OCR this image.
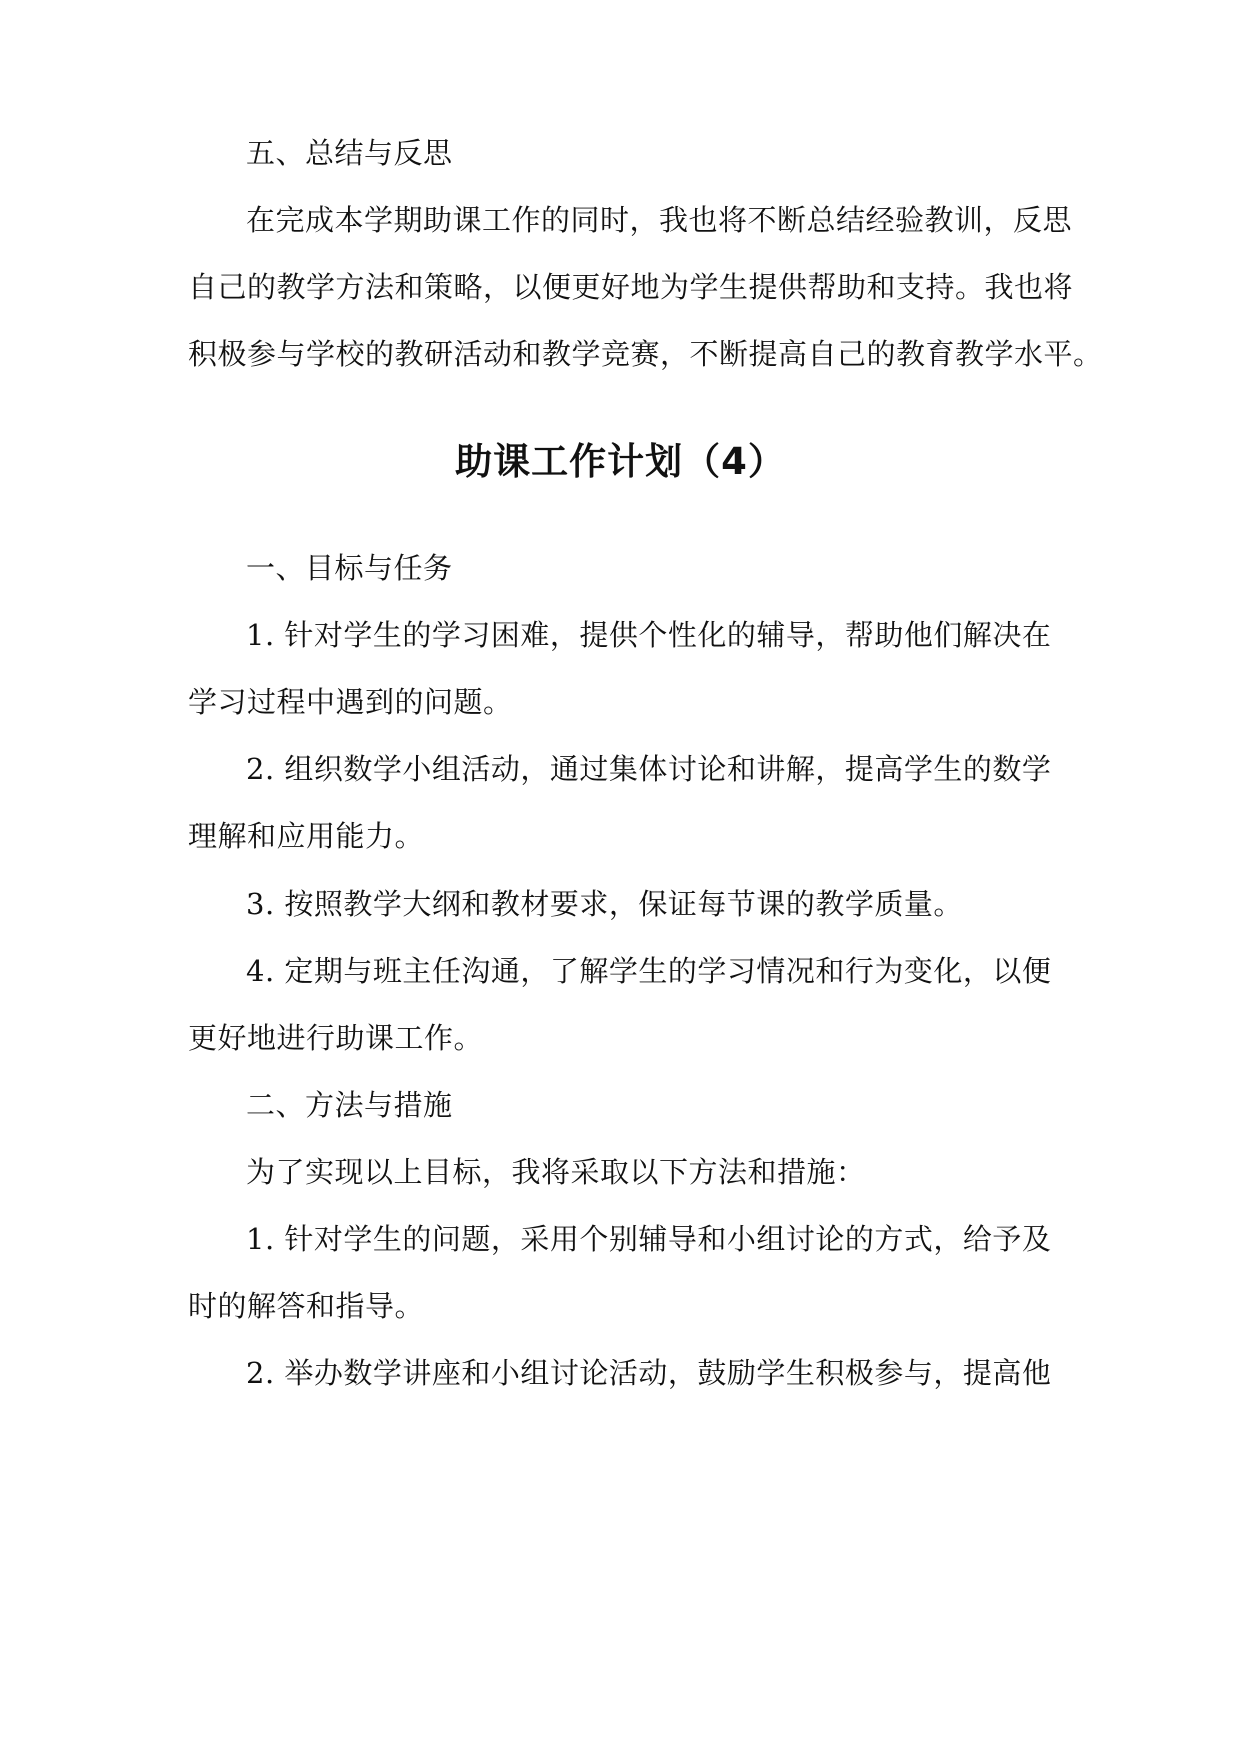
五、总结与反思
在完成本学期助课工作的同时，我也将不断总结经验教训，反思
自己的教学方法和策略，以便更好地为学生提供帮助和支持。我也将
积极参与学校的教研活动和教学竞赛，不断提高自己的教育教学水平。
助课工作计划（4）
一、目标与任务
1. 针对学生的学习困难，提供个性化的辅导，帮助他们解决在
学习过程中遇到的问题。
2. 组织数学小组活动，通过集体讨论和讲解，提高学生的数学
理解和应用能力。
3. 按照教学大纲和教材要求，保证每节课的教学质量。
4. 定期与班主任沟通，了解学生的学习情况和行为变化，以便
更好地进行助课工作。
二、方法与措施
为了实现以上目标，我将采取以下方法和措施：
1. 针对学生的问题，采用个别辅导和小组讨论的方式，给予及
时的解答和指导。
2. 举办数学讲座和小组讨论活动，鼓励学生积极参与，提高他
